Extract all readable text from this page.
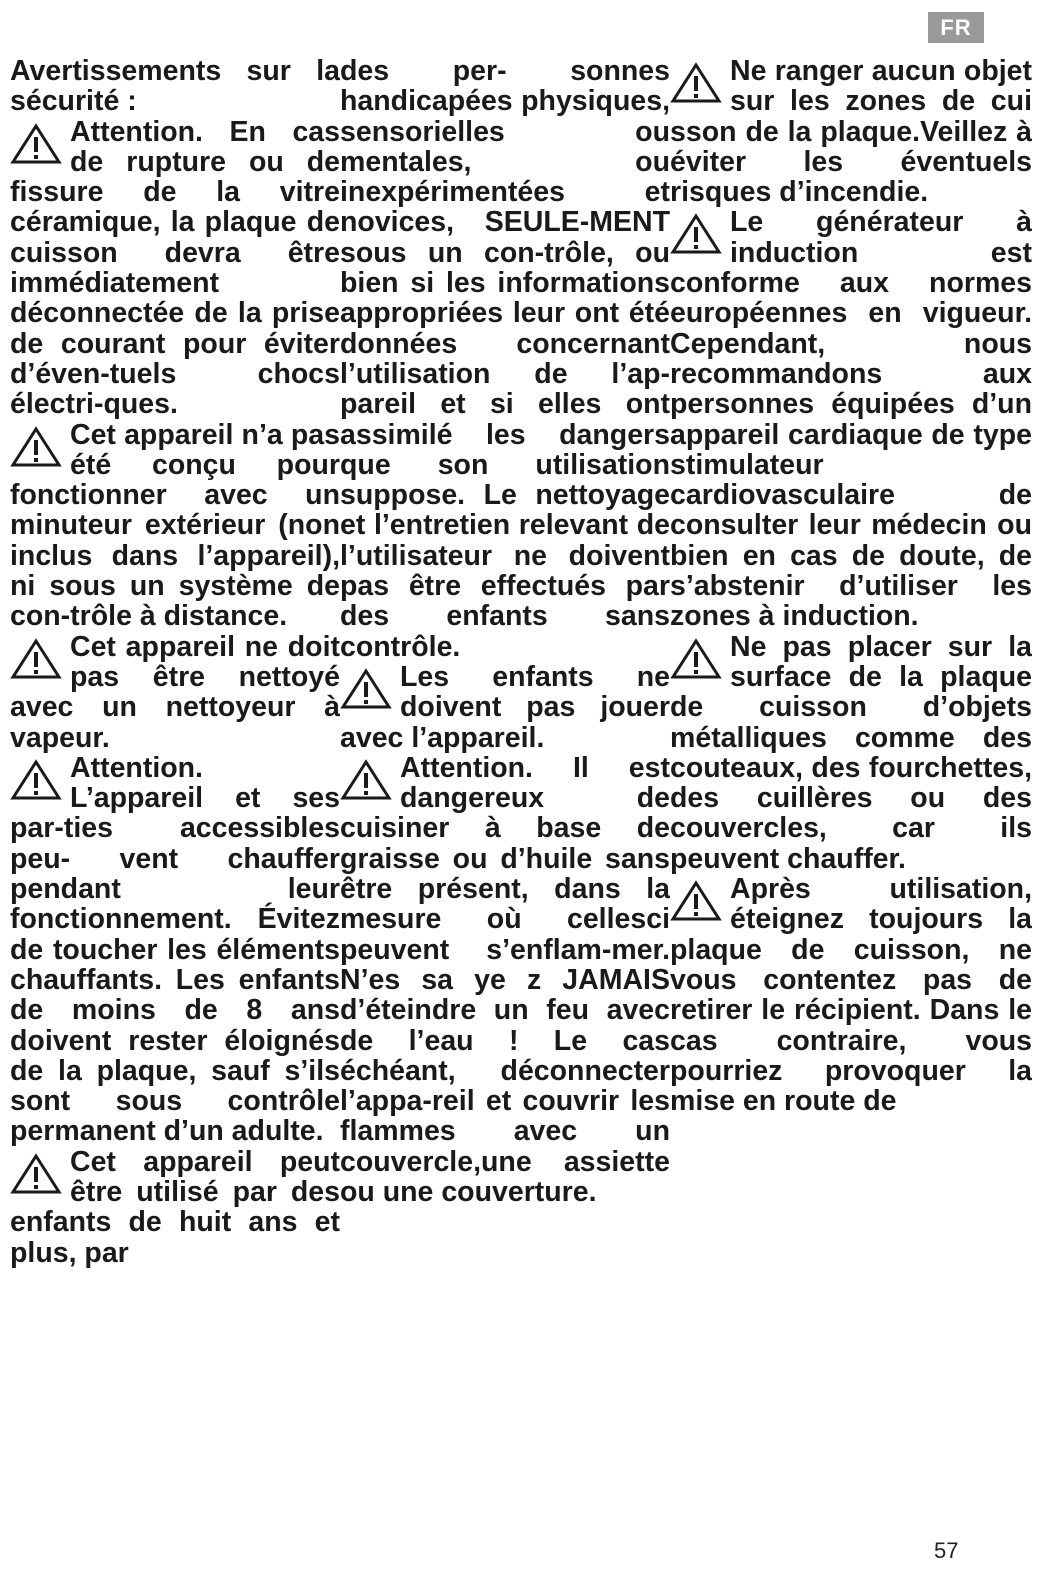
FR

Avertissements sur la sécurité :

Attention. En cas de rupture ou de fissure de la vitre céramique, la plaque de cuisson devra être immédiatement déconnectée de la prise de courant pour éviter d’éven-tuels chocs électri-ques.

Cet appareil n’a pas été conçu pour fonctionner avec un minuteur extérieur (non inclus dans l’appareil), ni sous un système de con-trôle à distance.

Cet appareil ne doit pas être nettoyé avec un nettoyeur à vapeur.

Attention. L’appareil et ses par-ties accessibles peu- vent chauffer pendant leur fonctionnement. Évitez de toucher les éléments chauffants. Les enfants de moins de 8 ans doivent rester éloignés de la plaque, sauf s’ils sont sous contrôle permanent d’un adulte.

Cet appareil peut être utilisé par des enfants de huit ans et plus, par

des per- sonnes handicapées physiques, sensorielles ou mentales, ou inexpérimentées et novices, SEULE-MENT sous un con-trôle, ou bien si les informations appropriées leur ont été données concernant l’utilisation de l’ap-pareil et si elles ont assimilé les dangers que son utilisation suppose. Le nettoyage et l’entretien relevant de l’utilisateur ne doivent pas être effectués par des enfants sans contrôle.

Les enfants ne doivent pas jouer avec l’appareil.

Attention. Il est dangereux de cuisiner à base de graisse ou d’huile sans être présent, dans la mesure où cellesci peuvent s’enflam-mer. N’es sa ye z JAMAIS d’éteindre un feu avec de l’eau ! Le cas échéant, déconnecter l’appa-reil et couvrir les flammes avec un couvercle,une assiette ou une couverture.

Ne ranger aucun objet sur les zones de cui sson de la plaque.Veillez à éviter les éventuels risques d’incendie.

Le générateur à induction est conforme aux normes européennes en vigueur. Cependant, nous recommandons aux personnes équipées d’un appareil cardiaque de type stimulateur cardiovasculaire de consulter leur médecin ou bien en cas de doute, de s’abstenir d’utiliser les zones à induction.

Ne pas placer sur la surface de la plaque de cuisson d’objets métalliques comme des couteaux, des fourchettes, des cuillères ou des couvercles, car ils peuvent chauffer.

Après utilisation, éteignez toujours la plaque de cuisson, ne vous contentez pas de retirer le récipient. Dans le cas contraire, vous pourriez provoquer la mise en route de

57
